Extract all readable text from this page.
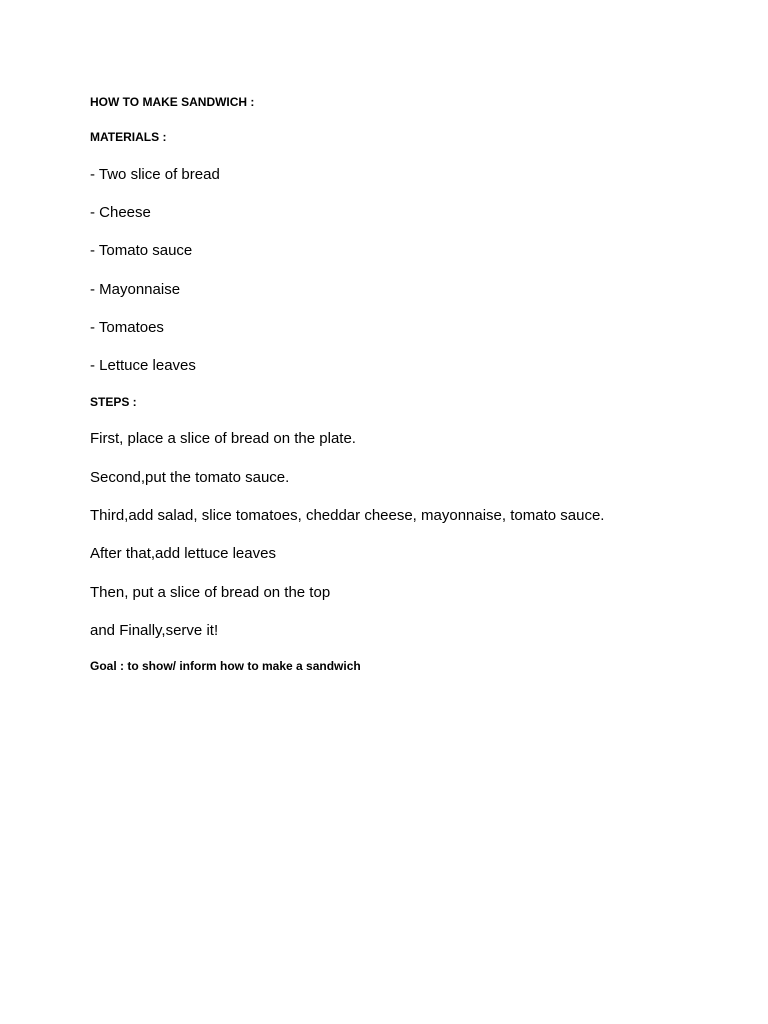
HOW TO MAKE SANDWICH :
MATERIALS :
- Two slice of bread
- Cheese
- Tomato sauce
- Mayonnaise
- Tomatoes
- Lettuce leaves
STEPS :
First, place a slice of bread on the plate.
Second,put the tomato sauce.
Third,add salad, slice tomatoes, cheddar cheese, mayonnaise, tomato sauce.
After that,add lettuce leaves
Then, put a slice of bread on the top
and Finally,serve it!
Goal : to show/ inform how to make a sandwich
